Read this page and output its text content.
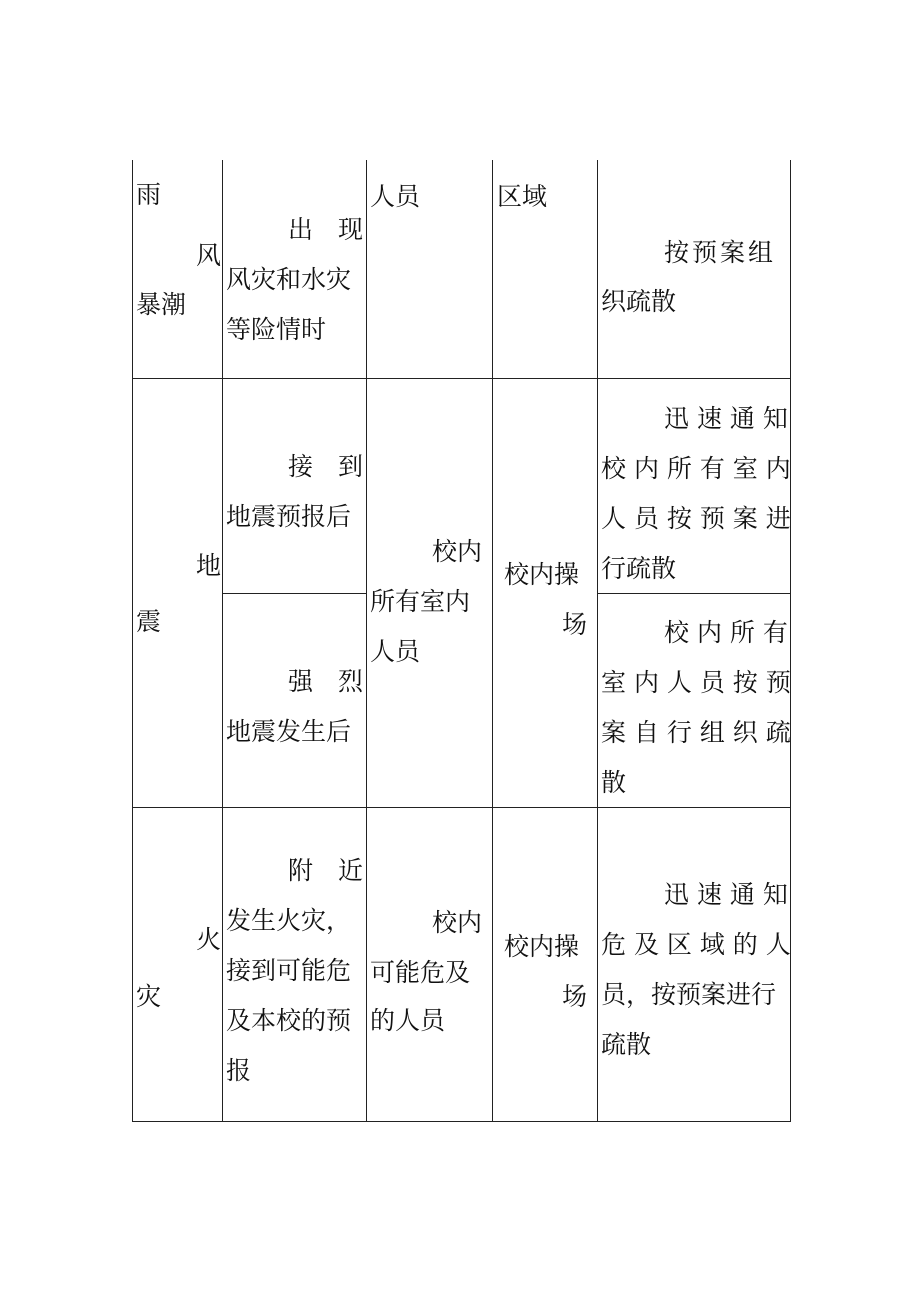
雨
风
暴潮
出　现
风灾和水灾
等险情时
人员	区域
按预案组
织疏散
地
震
接　到
地震预报后
强　烈
地震发生后
校内
所有室内
人员
校内操
场
迅 速 通 知
校 内 所 有 室 内
人 员 按 预 案 进
行疏散
校 内 所 有
室 内 人 员 按 预
案 自 行 组 织 疏
散
火
灾
附　近
发生火灾，
接到可能危
及本校的预
报
校内
可能危及
的人员
校内操
场
迅 速 通 知
危 及 区 域 的 人
员，按预案进行
疏散
